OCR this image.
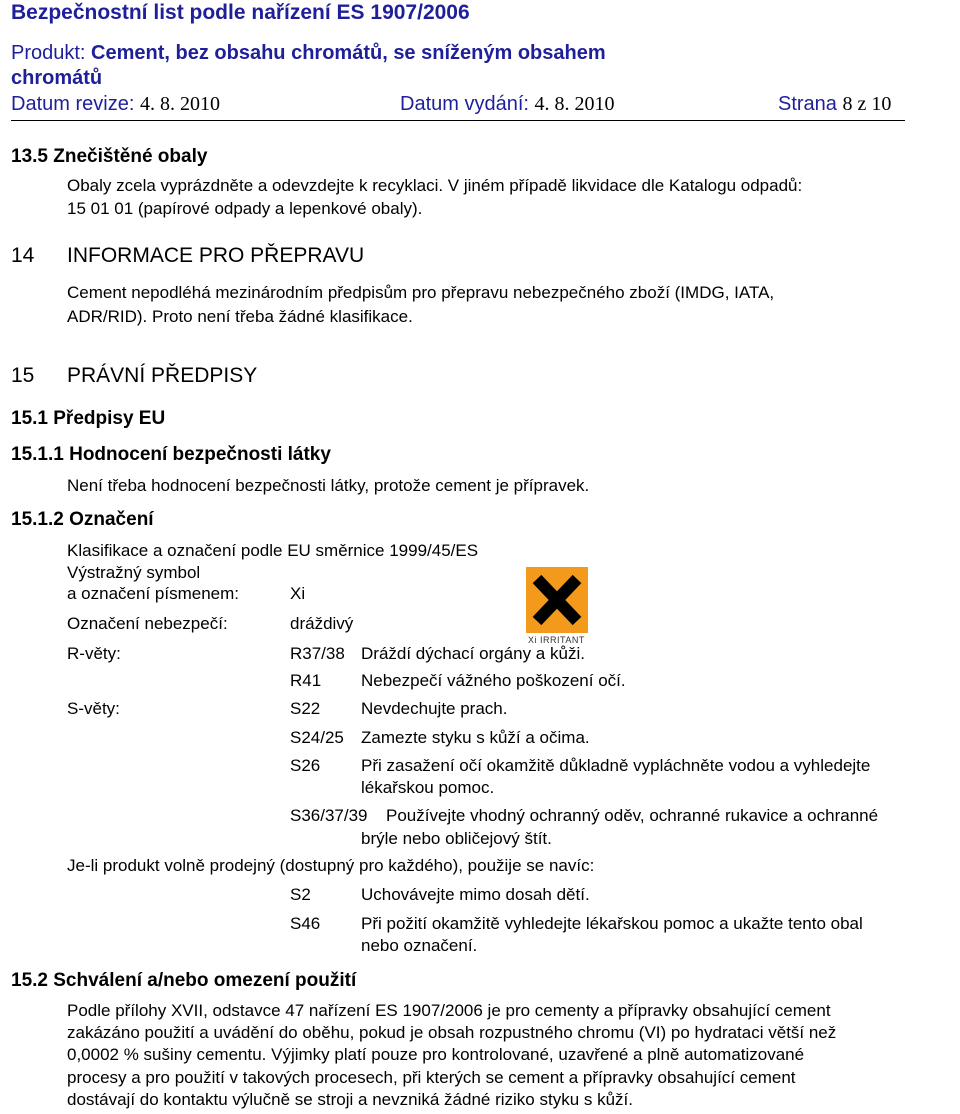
Bezpečnostní list podle nařízení ES 1907/2006
Produkt: Cement, bez obsahu chromátů, se sníženým obsahem
chromátů
Datum revize: 4. 8. 2010	Datum vydání: 4. 8. 2010	Strana 8 z 10
13.5 Znečištěné obaly
Obaly zcela vyprázdněte a odevzdejte k recyklaci. V jiném případě likvidace dle Katalogu odpadů:
15 01 01 (papírové odpady a lepenkové obaly).
14 INFORMACE PRO PŘEPRAVU
Cement nepodléhá mezinárodním předpisům pro přepravu nebezpečného zboží (IMDG, IATA,
ADR/RID). Proto není třeba žádné klasifikace.
15 PRÁVNÍ PŘEDPISY
15.1 Předpisy EU
15.1.1 Hodnocení bezpečnosti látky
Není třeba hodnocení bezpečnosti látky, protože cement je přípravek.
15.1.2 Označení
Klasifikace a označení podle EU směrnice 1999/45/ES
Výstražný symbol
a označení písmenem:	Xi
Označení nebezpečí:	dráždivý
Xi IRRITANT
R-věty:	R37/38 Dráždí dýchací orgány a kůži.
R41 Nebezpečí vážného poškození očí.
S-věty:	S22 Nevdechujte prach.
S24/25 Zamezte styku s kůží a očima.
S26 Při zasažení očí okamžitě důkladně vypláchněte vodou a vyhledejte
lékařskou pomoc.
S36/37/39 Používejte vhodný ochranný oděv, ochranné rukavice a ochranné
brýle nebo obličejový štít.
Je-li produkt volně prodejný (dostupný pro každého), použije se navíc:
S2	Uchovávejte mimo dosah dětí.
S46 Při požití okamžitě vyhledejte lékařskou pomoc a ukažte tento obal
nebo označení.
15.2 Schválení a/nebo omezení použití
Podle přílohy XVII, odstavce 47 nařízení ES 1907/2006 je pro cementy a přípravky obsahující cement
zakázáno použití a uvádění do oběhu, pokud je obsah rozpustného chromu (VI) po hydrataci větší než
0,0002 % sušiny cementu. Výjimky platí pouze pro kontrolované, uzavřené a plně automatizované
procesy a pro použití v takových procesech, při kterých se cement a přípravky obsahující cement
dostávají do kontaktu výlučně se stroji a nevzniká žádné riziko styku s kůží.
